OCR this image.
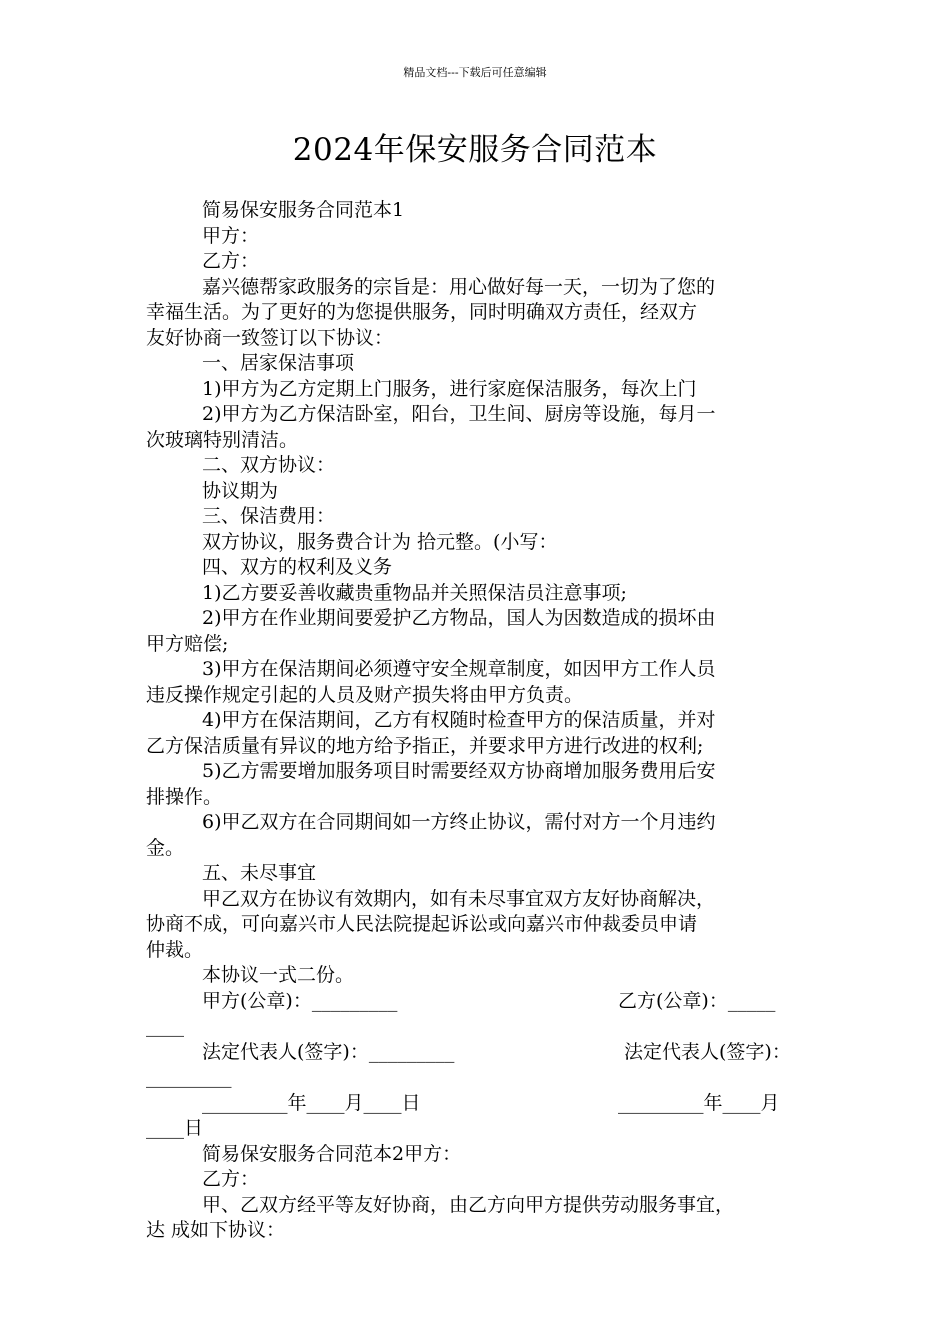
精品文档---下载后可任意编辑
2024年保安服务合同范本

简易保安服务合同范本1

甲方：

乙方：

嘉兴德帮家政服务的宗旨是：用心做好每一天，一切为了您的

幸福生活。为了更好的为您提供服务，同时明确双方责任，经双方

友好协商一致签订以下协议：

一、居家保洁事项

1)甲方为乙方定期上门服务，进行家庭保洁服务，每次上门

2)甲方为乙方保洁卧室，阳台，卫生间、厨房等设施，每月一

次玻璃特别清洁。

二、双方协议：

协议期为

三、保洁费用：

双方协议，服务费合计为 拾元整。(小写：

四、双方的权利及义务

1)乙方要妥善收藏贵重物品并关照保洁员注意事项;

2)甲方在作业期间要爱护乙方物品，国人为因数造成的损坏由

甲方赔偿;

3)甲方在保洁期间必须遵守安全规章制度，如因甲方工作人员

违反操作规定引起的人员及财产损失将由甲方负责。

4)甲方在保洁期间，乙方有权随时检查甲方的保洁质量，并对

乙方保洁质量有异议的地方给予指正，并要求甲方进行改进的权利;

5)乙方需要增加服务项目时需要经双方协商增加服务费用后安

排操作。

6)甲乙双方在合同期间如一方终止协议，需付对方一个月违约

金。

五、未尽事宜

甲乙双方在协议有效期内，如有未尽事宜双方友好协商解决，

协商不成，可向嘉兴市人民法院提起诉讼或向嘉兴市仲裁委员申请

仲裁。

本协议一式二份。

甲方(公章)：_________	乙方(公章)：_____

____

法定代表人(签字)：_________	法定代表人(签字)：

_________

_________年____月____日	_________年____月

____日

简易保安服务合同范本2甲方：

乙方：

甲、乙双方经平等友好协商，由乙方向甲方提供劳动服务事宜，

达 成如下协议：
